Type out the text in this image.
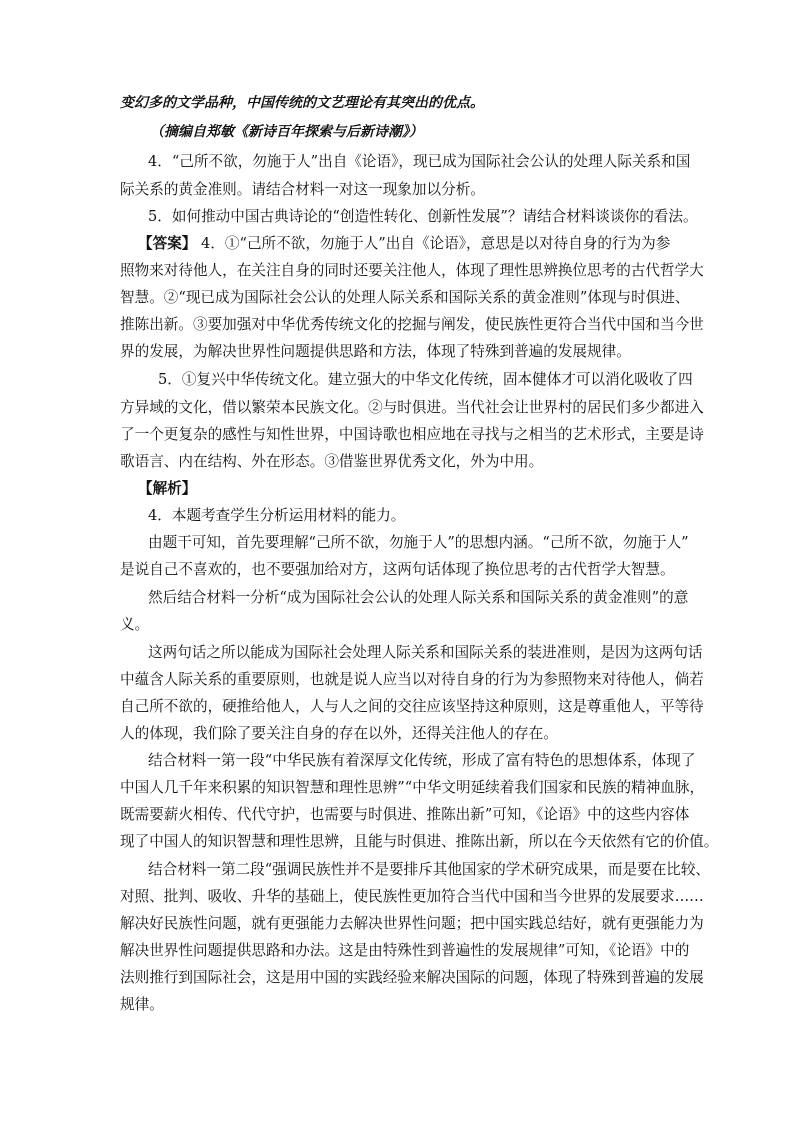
变幻多的文学品种，中国传统的文艺理论有其突出的优点。
（摘编自郑敏《新诗百年探索与后新诗潮》）
4．“己所不欲，勿施于人”出自《论语》，现已成为国际社会公认的处理人际关系和国
际关系的黄金准则。请结合材料一对这一现象加以分析。
5．如何推动中国古典诗论的“创造性转化、创新性发展”？请结合材料谈谈你的看法。
【答案】 4．①“己所不欲，勿施于人”出自《论语》，意思是以对待自身的行为为参
照物来对待他人，在关注自身的同时还要关注他人，体现了理性思辨换位思考的古代哲学大
智慧。②“现已成为国际社会公认的处理人际关系和国际关系的黄金准则”体现与时俱进、
推陈出新。③要加强对中华优秀传统文化的挖掘与阐发，使民族性更符合当代中国和当今世
界的发展，为解决世界性问题提供思路和方法，体现了特殊到普遍的发展规律。
5．①复兴中华传统文化。建立强大的中华文化传统，固本健体才可以消化吸收了四
方异域的文化，借以繁荣本民族文化。②与时俱进。当代社会让世界村的居民们多少都进入
了一个更复杂的感性与知性世界，中国诗歌也相应地在寻找与之相当的艺术形式，主要是诗
歌语言、内在结构、外在形态。③借鉴世界优秀文化，外为中用。
【解析】
4．本题考查学生分析运用材料的能力。
由题干可知，首先要理解“己所不欲，勿施于人”的思想内涵。“己所不欲，勿施于人”
是说自己不喜欢的，也不要强加给对方，这两句话体现了换位思考的古代哲学大智慧。
然后结合材料一分析“成为国际社会公认的处理人际关系和国际关系的黄金准则”的意
义。
这两句话之所以能成为国际社会处理人际关系和国际关系的装进准则，是因为这两句话
中蕴含人际关系的重要原则，也就是说人应当以对待自身的行为为参照物来对待他人，倘若
自己所不欲的，硬推给他人，人与人之间的交往应该坚持这种原则，这是尊重他人，平等待
人的体现，我们除了要关注自身的存在以外，还得关注他人的存在。
结合材料一第一段“中华民族有着深厚文化传统，形成了富有特色的思想体系，体现了
中国人几千年来积累的知识智慧和理性思辨”“中华文明延续着我们国家和民族的精神血脉，
既需要薪火相传、代代守护，也需要与时俱进、推陈出新”可知，《论语》中的这些内容体
现了中国人的知识智慧和理性思辨，且能与时俱进、推陈出新，所以在今天依然有它的价值。
结合材料一第二段“强调民族性并不是要排斥其他国家的学术研究成果，而是要在比较、
对照、批判、吸收、升华的基础上，使民族性更加符合当代中国和当今世界的发展要求……
解决好民族性问题，就有更强能力去解决世界性问题；把中国实践总结好，就有更强能力为
解决世界性问题提供思路和办法。这是由特殊性到普遍性的发展规律”可知，《论语》中的
法则推行到国际社会，这是用中国的实践经验来解决国际的问题，体现了特殊到普遍的发展
规律。
